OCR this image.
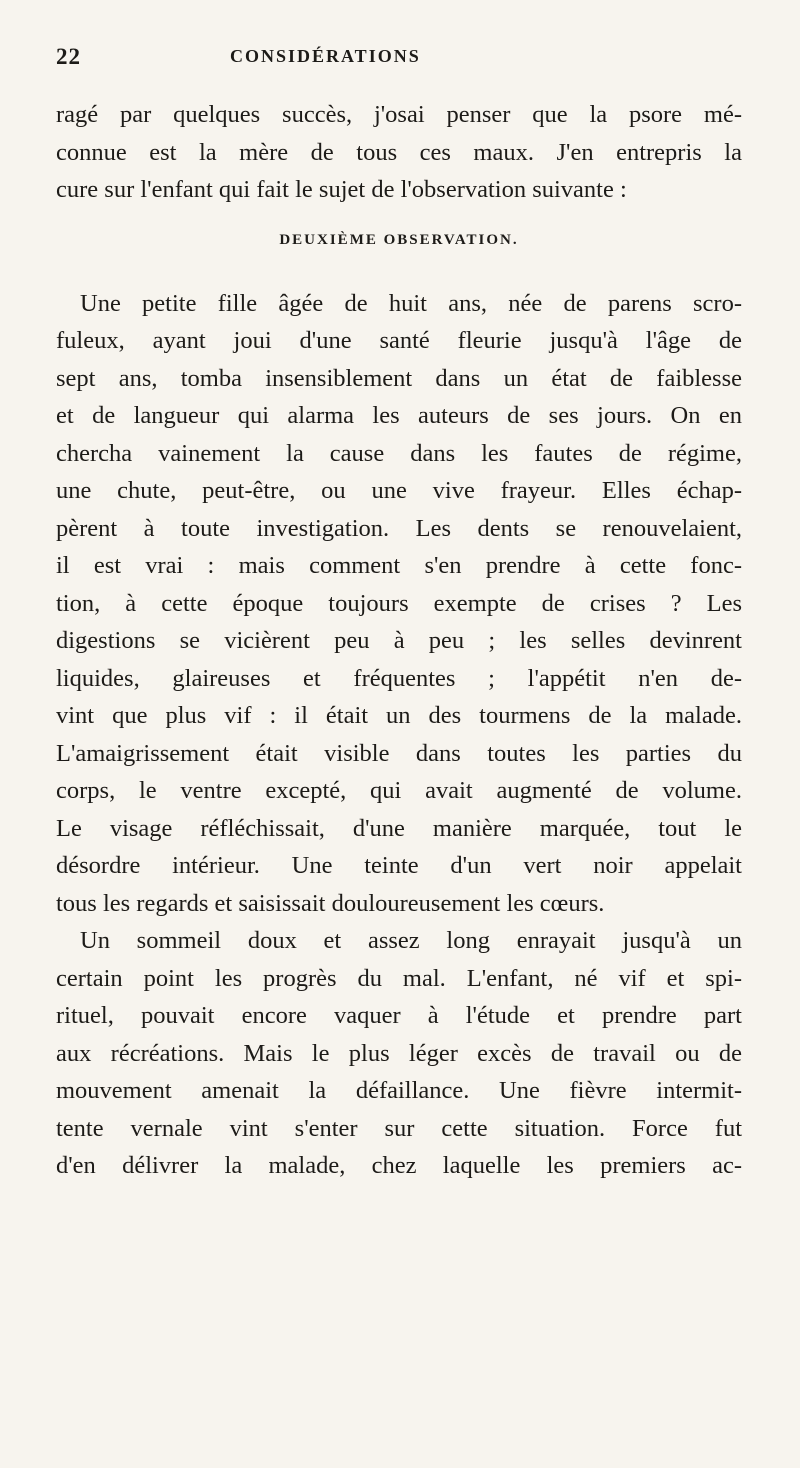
22	CONSIDÉRATIONS
ragé par quelques succès, j'osai penser que la psore mé-
connue est la mère de tous ces maux. J'en entrepris la
cure sur l'enfant qui fait le sujet de l'observation suivante :
DEUXIÈME OBSERVATION.
Une petite fille âgée de huit ans, née de parens scro-
fuleux, ayant joui d'une santé fleurie jusqu'à l'âge de
sept ans, tomba insensiblement dans un état de faiblesse
et de langueur qui alarma les auteurs de ses jours. On en
chercha vainement la cause dans les fautes de régime,
une chute, peut-être, ou une vive frayeur. Elles échap-
pèrent à toute investigation. Les dents se renouvelaient,
il est vrai : mais comment s'en prendre à cette fonc-
tion, à cette époque toujours exempte de crises ? Les
digestions se vicièrent peu à peu ; les selles devinrent
liquides, glaireuses et fréquentes ; l'appétit n'en de-
vint que plus vif : il était un des tourmens de la malade.
L'amaigrissement était visible dans toutes les parties du
corps, le ventre excepté, qui avait augmenté de volume.
Le visage réfléchissait, d'une manière marquée, tout le
désordre intérieur. Une teinte d'un vert noir appelait
tous les regards et saisissait douloureusement les cœurs.
Un sommeil doux et assez long enrayait jusqu'à un
certain point les progrès du mal. L'enfant, né vif et spi-
rituel, pouvait encore vaquer à l'étude et prendre part
aux récréations. Mais le plus léger excès de travail ou de
mouvement amenait la défaillance. Une fièvre intermit-
tente vernale vint s'enter sur cette situation. Force fut
d'en délivrer la malade, chez laquelle les premiers ac-
